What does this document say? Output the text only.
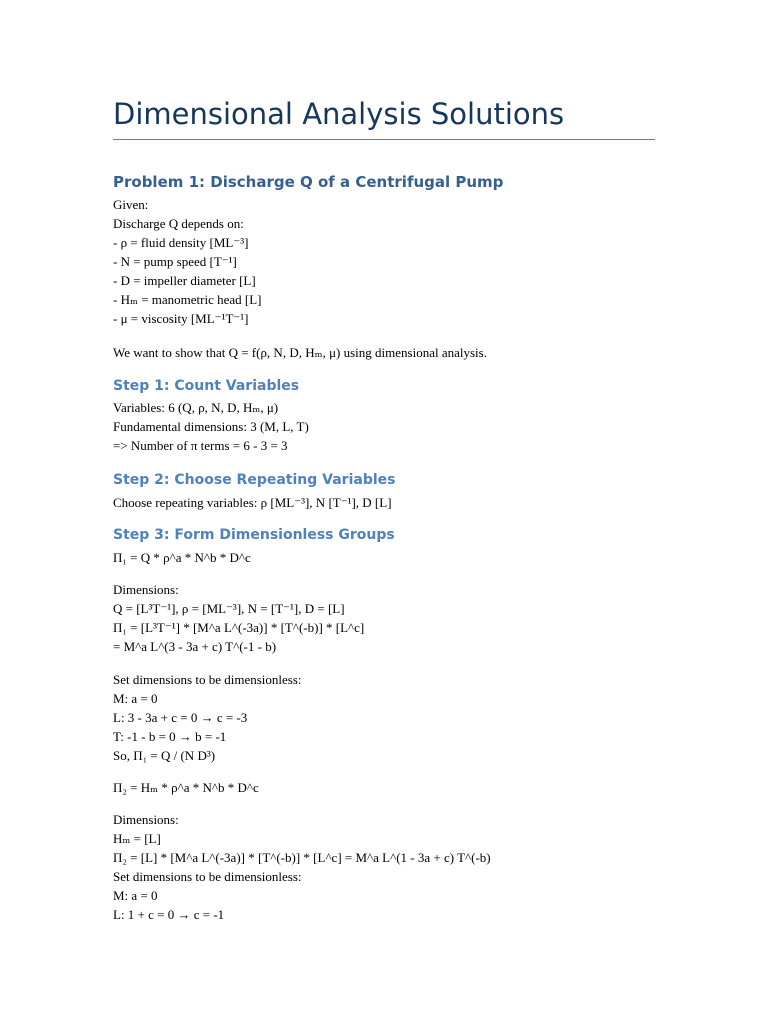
Dimensional Analysis Solutions
Problem 1: Discharge Q of a Centrifugal Pump
Given:
Discharge Q depends on:
- ρ = fluid density [ML⁻³]
- N = pump speed [T⁻¹]
- D = impeller diameter [L]
- Hₘ = manometric head [L]
- μ = viscosity [ML⁻¹T⁻¹]
We want to show that Q = f(ρ, N, D, Hₘ, μ) using dimensional analysis.
Step 1: Count Variables
Variables: 6 (Q, ρ, N, D, Hₘ, μ)
Fundamental dimensions: 3 (M, L, T)
=> Number of π terms = 6 - 3 = 3
Step 2: Choose Repeating Variables
Choose repeating variables: ρ [ML⁻³], N [T⁻¹], D [L]
Step 3: Form Dimensionless Groups
Π₁ = Q * ρ^a * N^b * D^c
Dimensions:
Q = [L³T⁻¹], ρ = [ML⁻³], N = [T⁻¹], D = [L]
Π₁ = [L³T⁻¹] * [M^a L^(-3a)] * [T^(-b)] * [L^c]
= M^a L^(3 - 3a + c) T^(-1 - b)
Set dimensions to be dimensionless:
M: a = 0
L: 3 - 3a + c = 0 → c = -3
T: -1 - b = 0 → b = -1
So, Π₁ = Q / (N D³)
Π₂ = Hₘ * ρ^a * N^b * D^c
Dimensions:
Hₘ = [L]
Π₂ = [L] * [M^a L^(-3a)] * [T^(-b)] * [L^c] = M^a L^(1 - 3a + c) T^(-b)
Set dimensions to be dimensionless:
M: a = 0
L: 1 + c = 0 → c = -1
